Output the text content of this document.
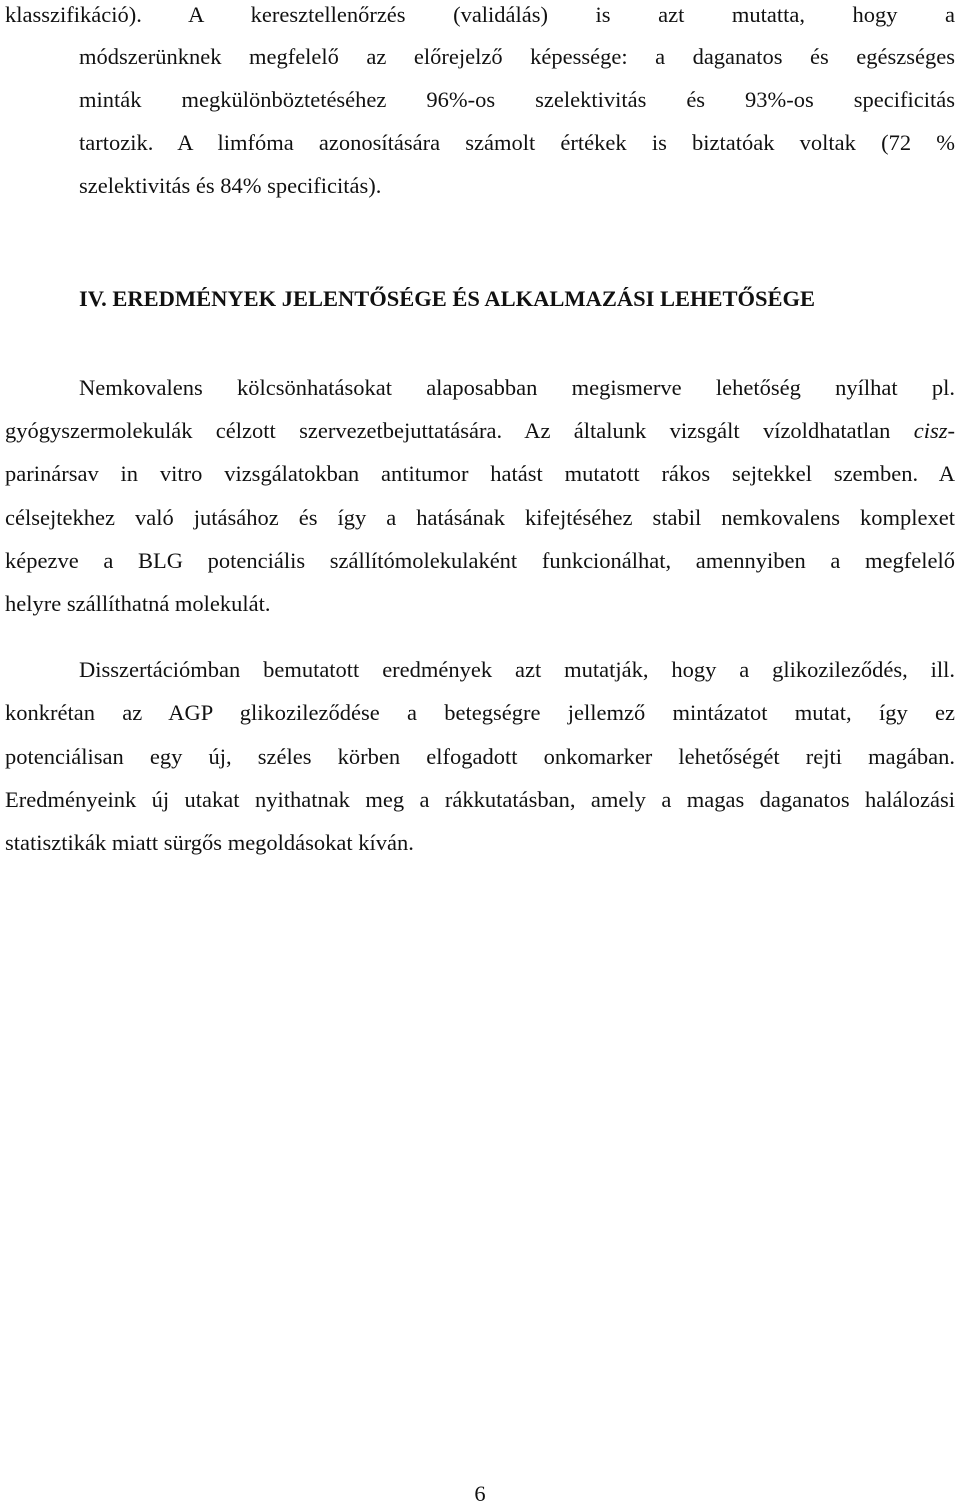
klasszifikáció). A keresztellenőrzés (validálás) is azt mutatta, hogy a
módszerünknek megfelelő az előrejelző képessége: a daganatos és egészséges
minták megkülönböztetéséhez 96%-os szelektivitás és 93%-os specificitás
tartozik. A limfóma azonosítására számolt értékek is biztatóak voltak (72 %
szelektivitás és 84% specificitás).
IV. EREDMÉNYEK JELENTŐSÉGE ÉS ALKALMAZÁSI LEHETŐSÉGE
Nemkovalens kölcsönhatásokat alaposabban megismerve lehetőség nyílhat pl.
gyógyszermolekulák célzott szervezetbejuttatására. Az általunk vizsgált vízoldhatatlan cisz-
parinársav in vitro vizsgálatokban antitumor hatást mutatott rákos sejtekkel szemben. A
célsejtekhez való jutásához és így a hatásának kifejtéséhez stabil nemkovalens komplexet
képezve a BLG potenciális szállítómolekulaként funkcionálhat, amennyiben a megfelelő
helyre szállíthatná molekulát.
Disszertációmban bemutatott eredmények azt mutatják, hogy a glikozileződés, ill.
konkrétan az AGP glikozileződése a betegségre jellemző mintázatot mutat, így ez
potenciálisan egy új, széles körben elfogadott onkomarker lehetőségét rejti magában.
Eredményeink új utakat nyithatnak meg a rákkutatásban, amely a magas daganatos halálozási
statisztikák miatt sürgős megoldásokat kíván.
6
